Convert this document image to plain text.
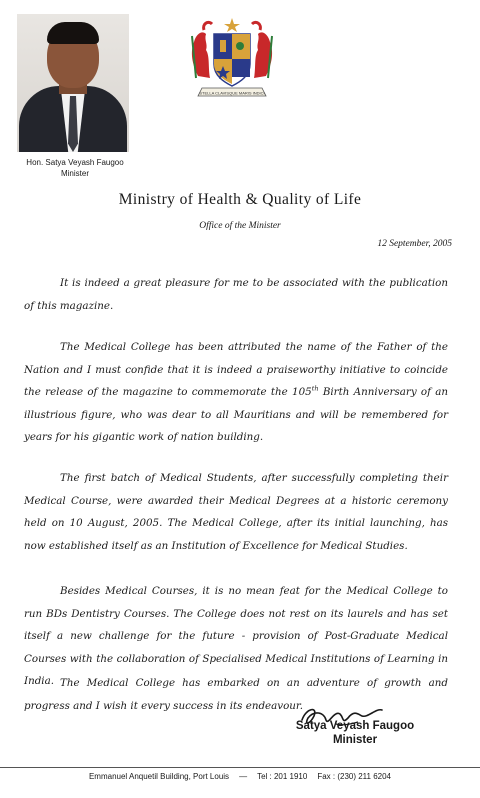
Hon. Satya Veyash Faugoo
Minister
STELLA CLAVISQUE MARIS INDICI
Ministry of Health & Quality of Life
Office of the Minister
12 September, 2005

It is indeed a great pleasure for me to be associated with the publication of this magazine.

The Medical College has been attributed the name of the Father of the Nation and I must confide that it is indeed a praiseworthy initiative to coincide the release of the magazine to commemorate the 105th Birth Anniversary of an illustrious figure, who was dear to all Mauritians and will be remembered for years for his gigantic work of nation building.

The first batch of Medical Students, after successfully completing their Medical Course, were awarded their Medical Degrees at a historic ceremony held on 10 August, 2005. The Medical College, after its initial launching, has now established itself as an Institution of Excellence for Medical Studies.

Besides Medical Courses, it is no mean feat for the Medical College to run BDs Dentistry Courses. The College does not rest on its laurels and has set itself a new challenge for the future - provision of Post-Graduate Medical Courses with the collaboration of Specialised Medical Institutions of Learning in India. The Medical College has embarked on an adventure of growth and progress and I wish it every success in its endeavour.

Satya Veyash Faugoo
Minister
Emmanuel Anquetil Building, Port Louis — Tel : 201 1910 Fax : (230) 211 6204
